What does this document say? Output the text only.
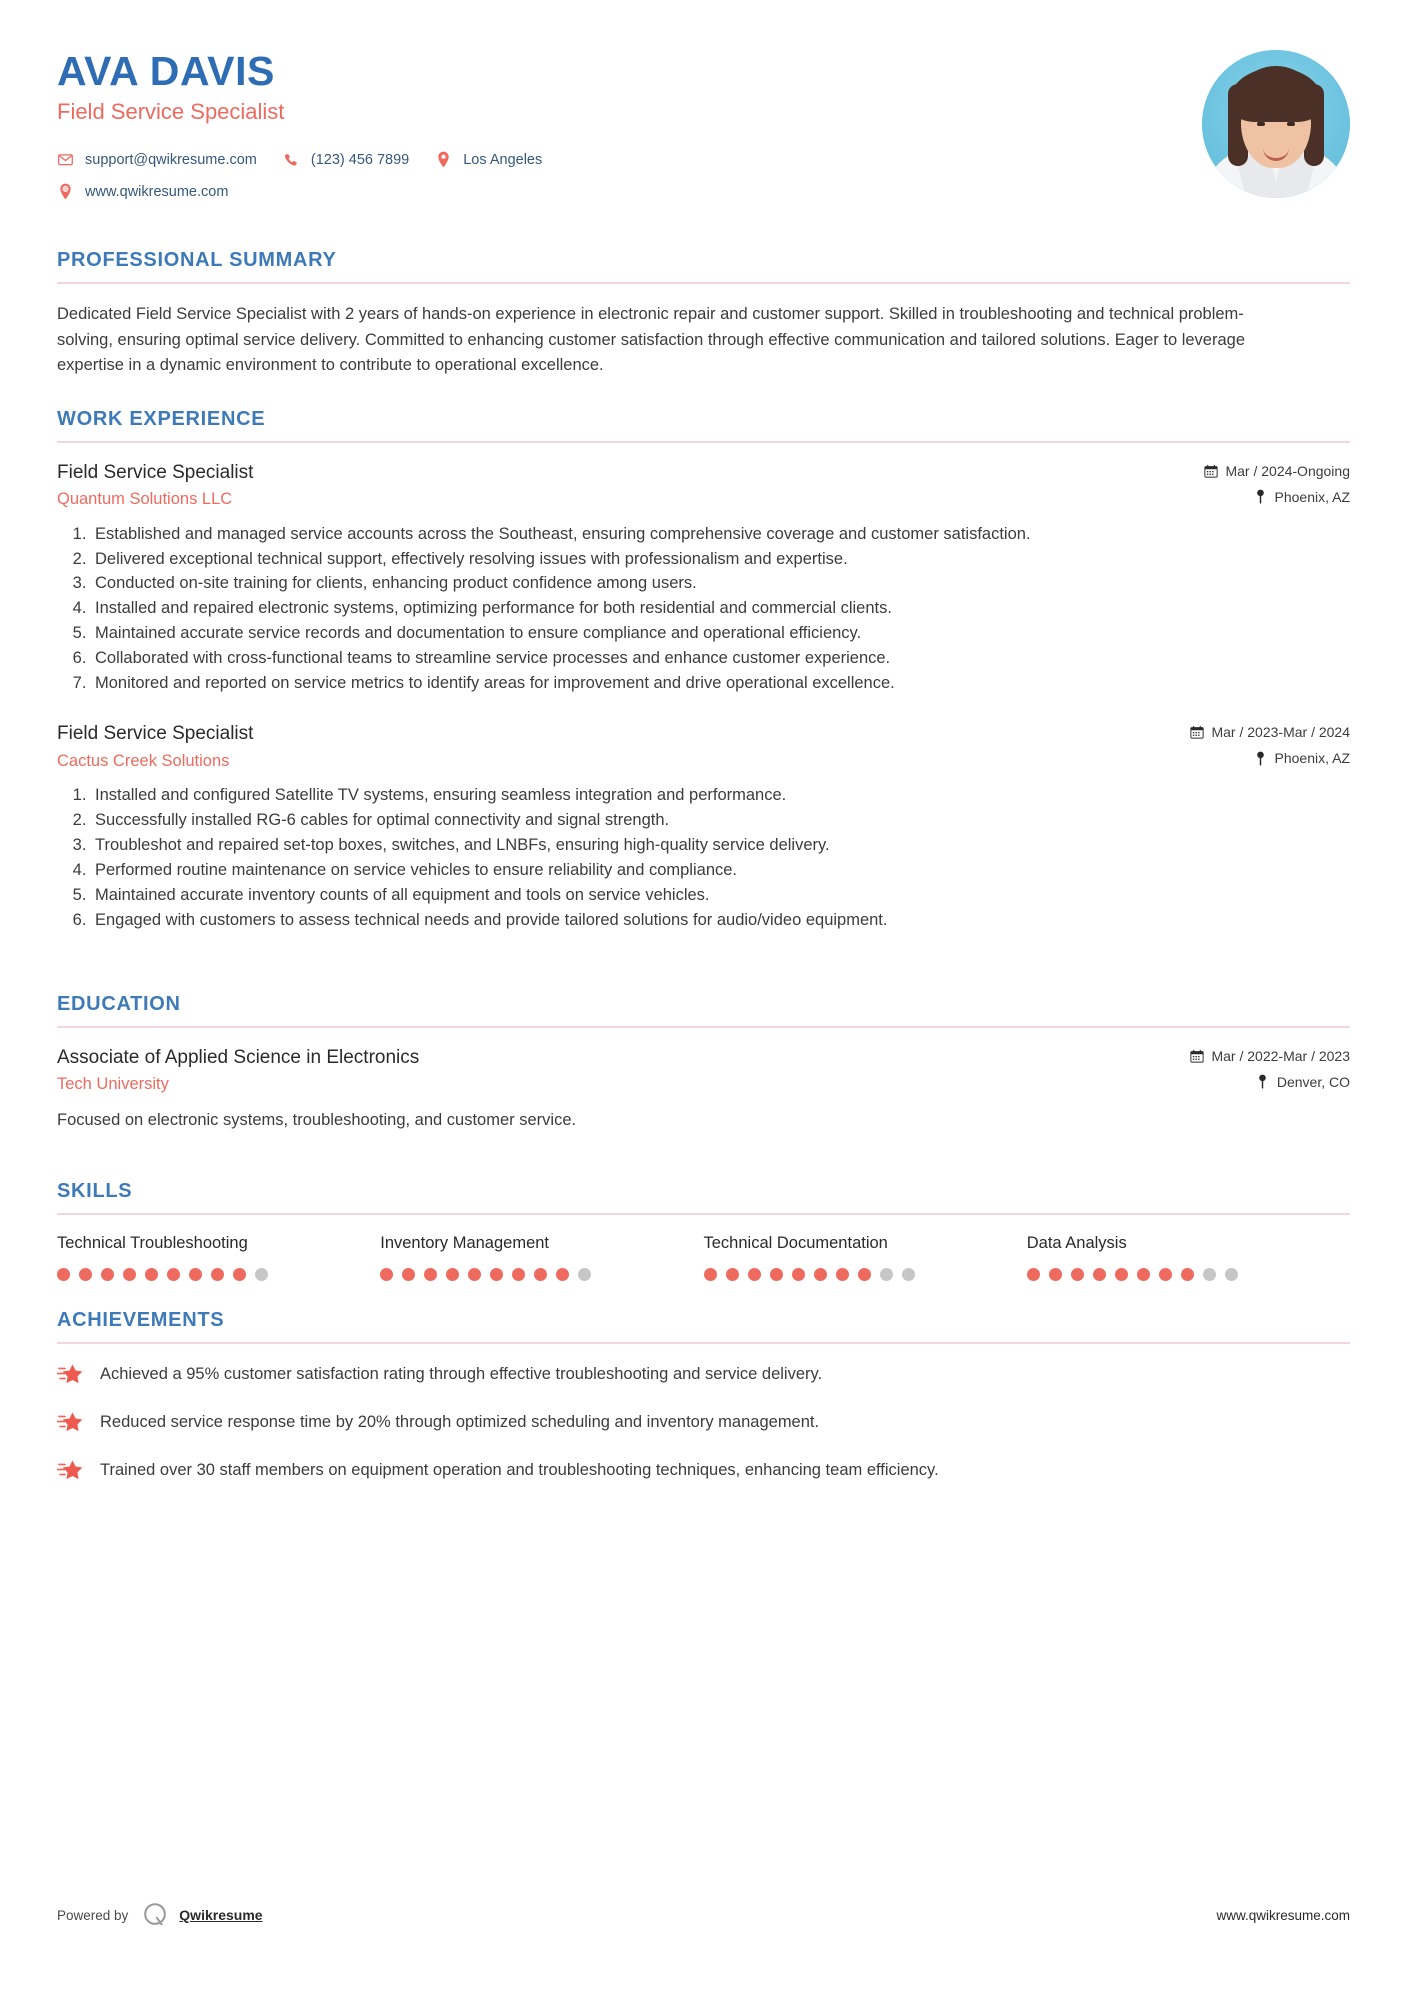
AVA DAVIS
Field Service Specialist
support@qwikresume.com	(123) 456 7899	Los Angeles
www.qwikresume.com
PROFESSIONAL SUMMARY

Dedicated Field Service Specialist with 2 years of hands-on experience in electronic repair and customer support. Skilled in troubleshooting and technical problem-solving, ensuring optimal service delivery. Committed to enhancing customer satisfaction through effective communication and tailored solutions. Eager to leverage expertise in a dynamic environment to contribute to operational excellence.

WORK EXPERIENCE
Field Service Specialist	Mar / 2024-Ongoing
Quantum Solutions LLC	Phoenix, AZ
1. Established and managed service accounts across the Southeast, ensuring comprehensive coverage and customer satisfaction.
2. Delivered exceptional technical support, effectively resolving issues with professionalism and expertise.
3. Conducted on-site training for clients, enhancing product confidence among users.
4. Installed and repaired electronic systems, optimizing performance for both residential and commercial clients.
5. Maintained accurate service records and documentation to ensure compliance and operational efficiency.
6. Collaborated with cross-functional teams to streamline service processes and enhance customer experience.
7. Monitored and reported on service metrics to identify areas for improvement and drive operational excellence.
Field Service Specialist	Mar / 2023-Mar / 2024
Cactus Creek Solutions	Phoenix, AZ
1. Installed and configured Satellite TV systems, ensuring seamless integration and performance.
2. Successfully installed RG-6 cables for optimal connectivity and signal strength.
3. Troubleshot and repaired set-top boxes, switches, and LNBFs, ensuring high-quality service delivery.
4. Performed routine maintenance on service vehicles to ensure reliability and compliance.
5. Maintained accurate inventory counts of all equipment and tools on service vehicles.
6. Engaged with customers to assess technical needs and provide tailored solutions for audio/video equipment.
EDUCATION
Associate of Applied Science in Electronics	Mar / 2022-Mar / 2023
Tech University	Denver, CO

Focused on electronic systems, troubleshooting, and customer service.

SKILLS
Technical Troubleshooting	Inventory Management	Technical Documentation	Data Analysis
ACHIEVEMENTS
Achieved a 95% customer satisfaction rating through effective troubleshooting and service delivery.
Reduced service response time by 20% through optimized scheduling and inventory management.
Trained over 30 staff members on equipment operation and troubleshooting techniques, enhancing team efficiency.
Powered by	Qwikresume	www.qwikresume.com
